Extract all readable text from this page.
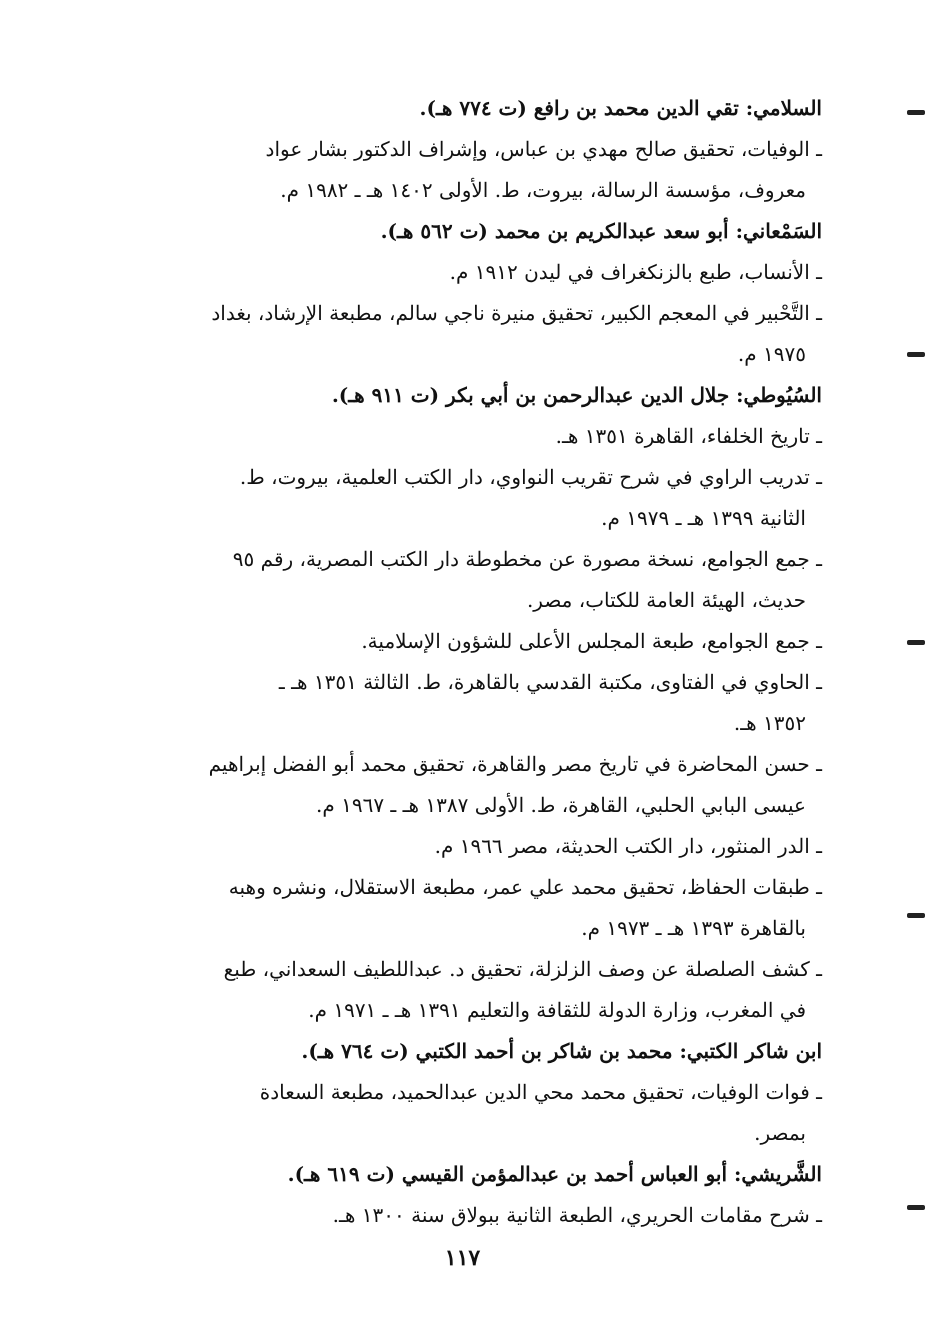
السلامي: تقي الدين محمد بن رافع (ت ٧٧٤ هـ).
ـ الوفيات، تحقيق صالح مهدي بن عباس، وإشراف الدكتور بشار عواد
معروف، مؤسسة الرسالة، بيروت، ط. الأولى ١٤٠٢ هـ ـ ١٩٨٢ م.
السَمْعاني: أبو سعد عبدالكريم بن محمد (ت ٥٦٢ هـ).
ـ الأنساب، طبع بالزنكغراف في ليدن ١٩١٢ م.
ـ التَّحْبير في المعجم الكبير، تحقيق منيرة ناجي سالم، مطبعة الإرشاد، بغداد
١٩٧٥ م.
السُيُوطي: جلال الدين عبدالرحمن بن أبي بكر (ت ٩١١ هـ).
ـ تاريخ الخلفاء، القاهرة ١٣٥١ هـ.
ـ تدريب الراوي في شرح تقريب النواوي، دار الكتب العلمية، بيروت، ط.
الثانية ١٣٩٩ هـ ـ ١٩٧٩ م.
ـ جمع الجوامع، نسخة مصورة عن مخطوطة دار الكتب المصرية، رقم ٩٥
حديث، الهيئة العامة للكتاب، مصر.
ـ جمع الجوامع، طبعة المجلس الأعلى للشؤون الإسلامية.
ـ الحاوي في الفتاوى، مكتبة القدسي بالقاهرة، ط. الثالثة ١٣٥١ هـ ـ
١٣٥٢ هـ.
ـ حسن المحاضرة في تاريخ مصر والقاهرة، تحقيق محمد أبو الفضل إبراهيم
عيسى البابي الحلبي، القاهرة، ط. الأولى ١٣٨٧ هـ ـ ١٩٦٧ م.
ـ الدر المنثور، دار الكتب الحديثة، مصر ١٩٦٦ م.
ـ طبقات الحفاظ، تحقيق محمد علي عمر، مطبعة الاستقلال، ونشره وهبه
بالقاهرة ١٣٩٣ هـ ـ ١٩٧٣ م.
ـ كشف الصلصلة عن وصف الزلزلة، تحقيق د. عبداللطيف السعداني، طبع
في المغرب، وزارة الدولة للثقافة والتعليم ١٣٩١ هـ ـ ١٩٧١ م.
ابن شاكر الكتبي: محمد بن شاكر بن أحمد الكتبي (ت ٧٦٤ هـ).
ـ فوات الوفيات، تحقيق محمد محي الدين عبدالحميد، مطبعة السعادة
بمصر.
الشَّريشي: أبو العباس أحمد بن عبدالمؤمن القيسي (ت ٦١٩ هـ).
ـ شرح مقامات الحريري، الطبعة الثانية ببولاق سنة ١٣٠٠ هـ.
١١٧
